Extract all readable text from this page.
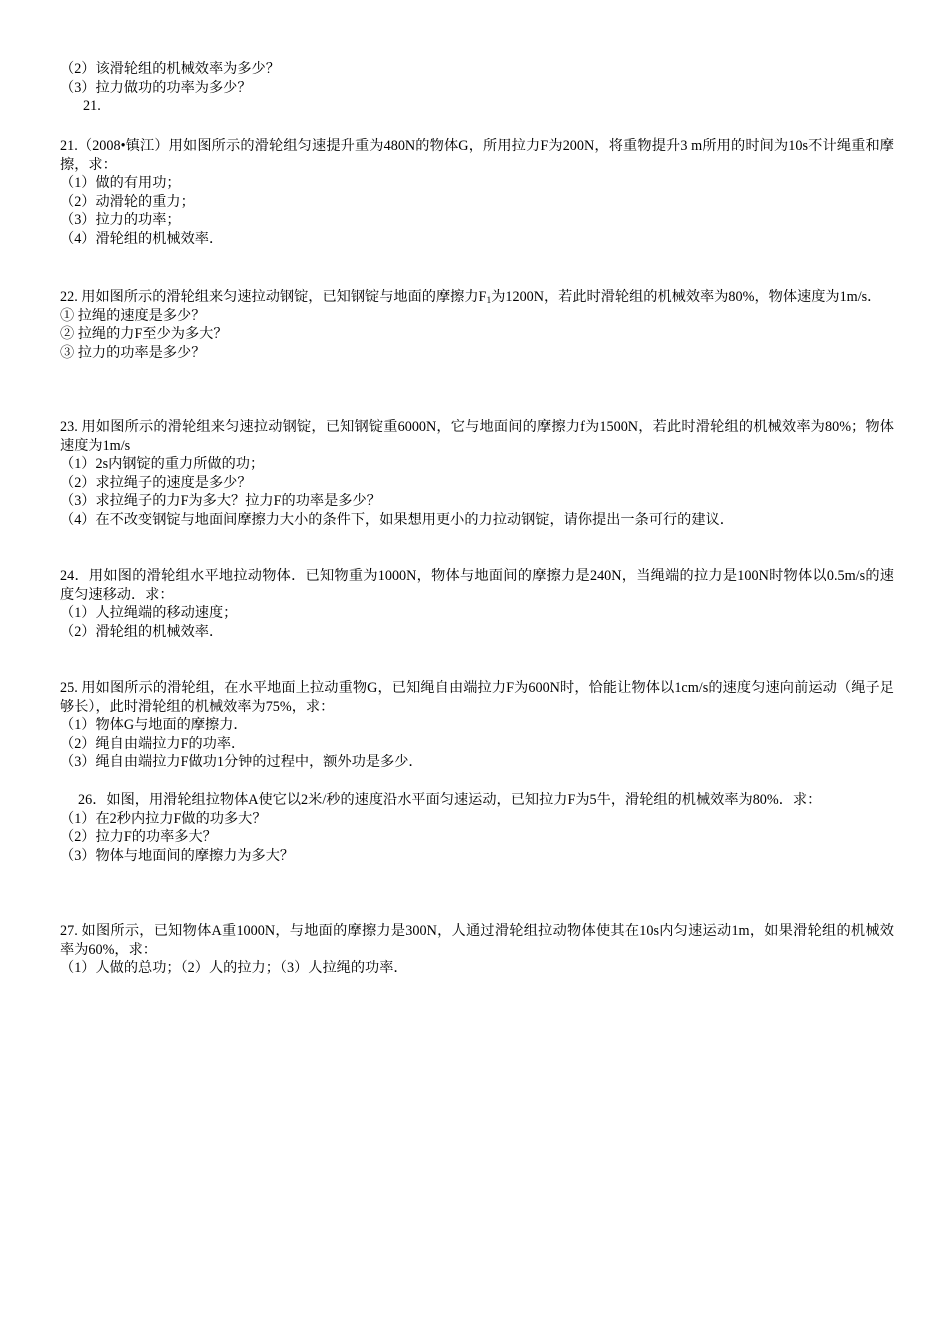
（2）该滑轮组的机械效率为多少？
（3）拉力做功的功率为多少？
21.
21.（2008•镇江）用如图所示的滑轮组匀速提升重为480N的物体G，所用拉力F为200N，将重物提升3 m所用的时间为10s不计绳重和摩擦，求：
（1）做的有用功；
（2）动滑轮的重力；
（3）拉力的功率；
（4）滑轮组的机械效率．
22. 用如图所示的滑轮组来匀速拉动钢锭，已知钢锭与地面的摩擦力$F_1$为1200N，若此时滑轮组的机械效率为80%，物体速度为1m/s．
① 拉绳的速度是多少？
② 拉绳的力F至少为多大？
③ 拉力的功率是多少？
23. 用如图所示的滑轮组来匀速拉动钢锭，已知钢锭重6000N，它与地面间的摩擦力f为1500N，若此时滑轮组的机械效率为80%；物体速度为1m/s
（1）2s内钢锭的重力所做的功；
（2）求拉绳子的速度是多少？
（3）求拉绳子的力F为多大？拉力F的功率是多少？
（4）在不改变钢锭与地面间摩擦力大小的条件下，如果想用更小的力拉动钢锭，请你提出一条可行的建议．
24．用如图的滑轮组水平地拉动物体．已知物重为1000N，物体与地面间的摩擦力是240N，当绳端的拉力是100N时物体以0.5m/s的速度匀速移动．求：
（1）人拉绳端的移动速度；
（2）滑轮组的机械效率．
25. 用如图所示的滑轮组，在水平地面上拉动重物G，已知绳自由端拉力F为600N时，恰能让物体以1cm/s的速度匀速向前运动（绳子足够长），此时滑轮组的机械效率为75%，求：
（1）物体G与地面的摩擦力．
（2）绳自由端拉力F的功率．
（3）绳自由端拉力F做功1分钟的过程中，额外功是多少．
26．如图，用滑轮组拉物体A使它以2米/秒的速度沿水平面匀速运动，已知拉力F为5牛，滑轮组的机械效率为80%．求：
（1）在2秒内拉力F做的功多大？
（2）拉力F的功率多大？
（3）物体与地面间的摩擦力为多大？
27. 如图所示，已知物体A重1000N，与地面的摩擦力是300N，人通过滑轮组拉动物体使其在10s内匀速运动1m，如果滑轮组的机械效率为60%，求：
（1）人做的总功；（2）人的拉力；（3）人拉绳的功率．
